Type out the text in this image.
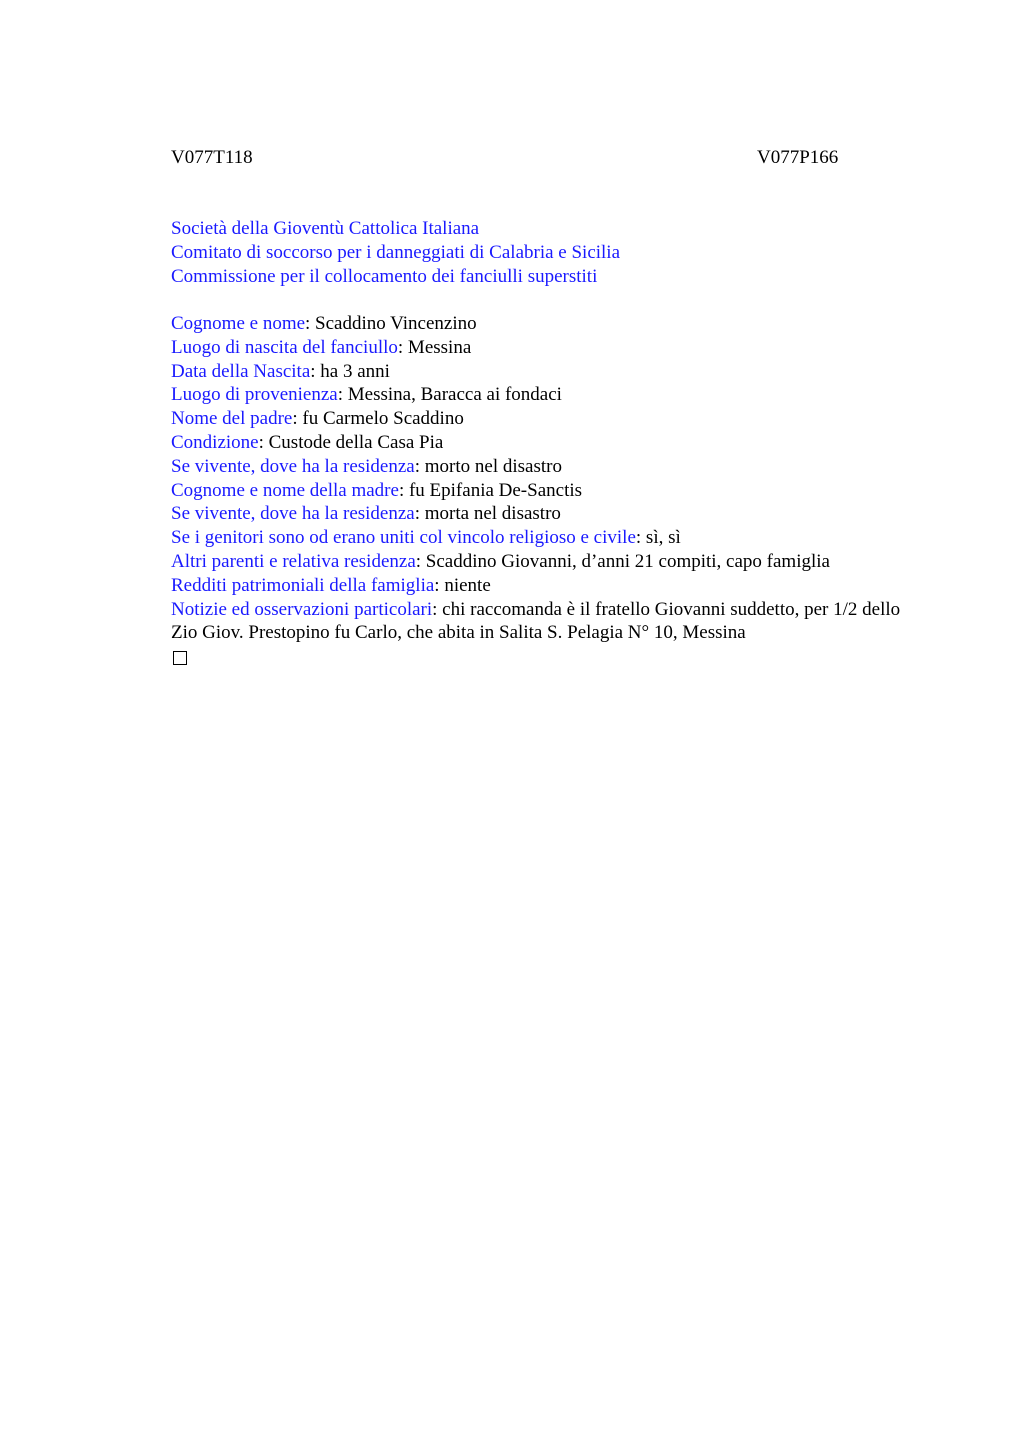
V077T118	V077P166
Società della Gioventù Cattolica Italiana
Comitato di soccorso per i danneggiati di Calabria e Sicilia
Commissione per il collocamento dei fanciulli superstiti
Cognome e nome: Scaddino Vincenzino
Luogo di nascita del fanciullo: Messina
Data della Nascita: ha 3 anni
Luogo di provenienza: Messina, Baracca ai fondaci
Nome del padre: fu Carmelo Scaddino
Condizione: Custode della Casa Pia
Se vivente, dove ha la residenza: morto nel disastro
Cognome e nome della madre: fu Epifania De-Sanctis
Se vivente, dove ha la residenza: morta nel disastro
Se i genitori sono od erano uniti col vincolo religioso e civile: sì, sì
Altri parenti e relativa residenza: Scaddino Giovanni, d’anni 21 compiti, capo famiglia
Redditi patrimoniali della famiglia: niente
Notizie ed osservazioni particolari: chi raccomanda è il fratello Giovanni suddetto, per 1/2 dello Zio Giov. Prestopino fu Carlo, che abita in Salita S. Pelagia N° 10, Messina
